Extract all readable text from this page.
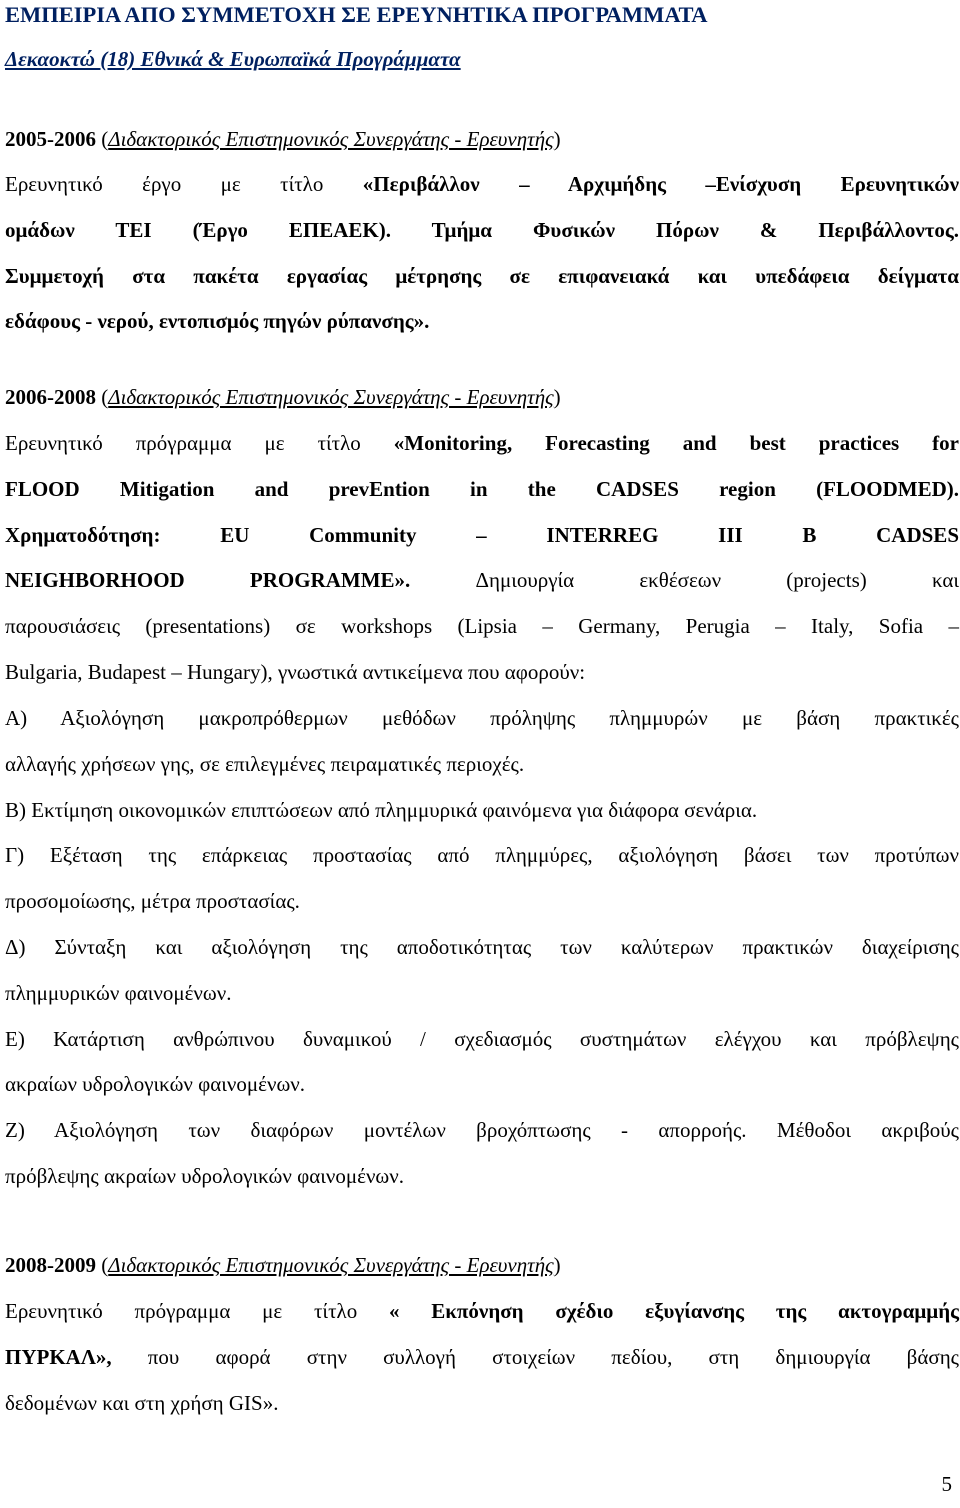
ΕΜΠΕΙΡΙΑ ΑΠΟ ΣΥΜΜΕΤΟΧΗ ΣΕ ΕΡΕΥΝΗΤΙΚΑ ΠΡΟΓΡΑΜΜΑΤΑ
Δεκαοκτώ (18) Εθνικά & Ευρωπαϊκά Προγράμματα
2005-2006 (Διδακτορικός Επιστημονικός Συνεργάτης - Ερευνητής)
Ερευνητικό έργο με τίτλο «Περιβάλλον – Αρχιμήδης –Ενίσχυση Ερευνητικών
ομάδων ΤΕΙ (Έργο ΕΠΕΑΕΚ). Τμήμα Φυσικών Πόρων & Περιβάλλοντος.
Συμμετοχή στα πακέτα εργασίας μέτρησης σε επιφανειακά και υπεδάφεια δείγματα
εδάφους - νερού, εντοπισμός πηγών ρύπανσης».
2006-2008 (Διδακτορικός Επιστημονικός Συνεργάτης - Ερευνητής)
Ερευνητικό πρόγραμμα με τίτλο «Monitoring, Forecasting and best practices for
FLOOD Mitigation and prevEntion in the CADSES region (FLOODMED).
Χρηματοδότηση: EU Community – INTERREG III B CADSES
NEIGHBORHOOD PROGRAMME». Δημιουργία εκθέσεων (projects) και
παρουσιάσεις (presentations) σε workshops (Lipsia – Germany, Perugia – Italy, Sofia –
Bulgaria, Budapest – Hungary), γνωστικά αντικείμενα που αφορούν:
Α) Αξιολόγηση μακροπρόθερμων μεθόδων πρόληψης πλημμυρών με βάση πρακτικές
αλλαγής χρήσεων γης, σε επιλεγμένες πειραματικές περιοχές.
Β) Εκτίμηση οικονομικών επιπτώσεων από πλημμυρικά φαινόμενα για διάφορα σενάρια.
Γ) Εξέταση της επάρκειας προστασίας από πλημμύρες, αξιολόγηση βάσει των προτύπων
προσομοίωσης, μέτρα προστασίας.
Δ) Σύνταξη και αξιολόγηση της αποδοτικότητας των καλύτερων πρακτικών διαχείρισης
πλημμυρικών φαινομένων.
Ε) Κατάρτιση ανθρώπινου δυναμικού / σχεδιασμός συστημάτων ελέγχου και πρόβλεψης
ακραίων υδρολογικών φαινομένων.
Ζ) Αξιολόγηση των διαφόρων μοντέλων βροχόπτωσης - απορροής. Μέθοδοι ακριβούς
πρόβλεψης ακραίων υδρολογικών φαινομένων.
2008-2009 (Διδακτορικός Επιστημονικός Συνεργάτης - Ερευνητής)
Ερευνητικό πρόγραμμα με τίτλο « Εκπόνηση σχέδιο εξυγίανσης της ακτογραμμής
ΠΥΡΚΑΛ», που αφορά στην συλλογή στοιχείων πεδίου, στη δημιουργία βάσης
δεδομένων και στη χρήση GIS».
5
